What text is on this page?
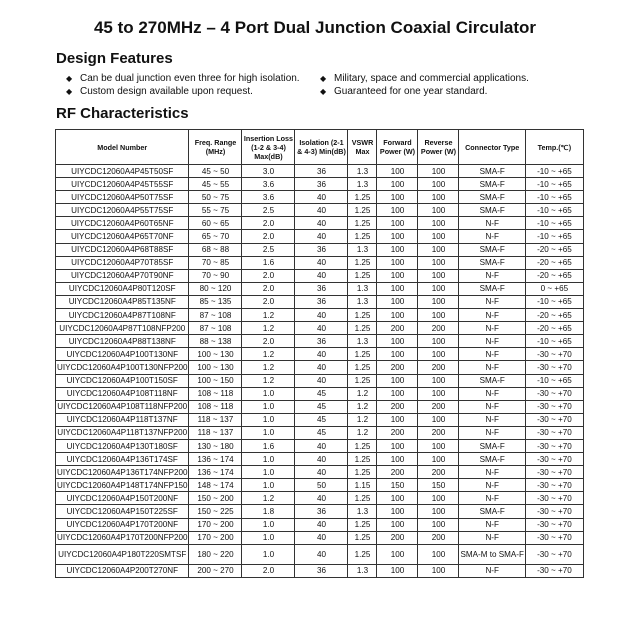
45 to 270MHz – 4 Port Dual Junction Coaxial Circulator
Design Features
◆ Can be dual junction even three for high isolation.	◆ Military, space and commercial applications.
◆ Custom design available upon request.	◆ Guaranteed for one year standard.
RF Characteristics
Model Number	Freq. Range (MHz)	Insertion Loss (1-2 & 3-4) Max(dB)	Isolation (2-1 & 4-3) Min(dB)	VSWR Max	Forward Power (W)	Reverse Power (W)	Connector Type	Temp.(℃)
UIYCDC12060A4P45T50SF	45 ~ 50	3.0	36	1.3	100	100	SMA-F	-10 ~ +65
UIYCDC12060A4P45T55SF	45 ~ 55	3.6	36	1.3	100	100	SMA-F	-10 ~ +65
UIYCDC12060A4P50T75SF	50 ~ 75	3.6	40	1.25	100	100	SMA-F	-10 ~ +65
UIYCDC12060A4P55T75SF	55 ~ 75	2.5	40	1.25	100	100	SMA-F	-10 ~ +65
UIYCDC12060A4P60T65NF	60 ~ 65	2.0	40	1.25	100	100	N-F	-10 ~ +65
UIYCDC12060A4P65T70NF	65 ~ 70	2.0	40	1.25	100	100	N-F	-10 ~ +65
UIYCDC12060A4P68T88SF	68 ~ 88	2.5	36	1.3	100	100	SMA-F	-20 ~ +65
UIYCDC12060A4P70T85SF	70 ~ 85	1.6	40	1.25	100	100	SMA-F	-20 ~ +65
UIYCDC12060A4P70T90NF	70 ~ 90	2.0	40	1.25	100	100	N-F	-20 ~ +65
UIYCDC12060A4P80T120SF	80 ~ 120	2.0	36	1.3	100	100	SMA-F	0 ~ +65
UIYCDC12060A4P85T135NF	85 ~ 135	2.0	36	1.3	100	100	N-F	-10 ~ +65
UIYCDC12060A4P87T108NF	87 ~ 108	1.2	40	1.25	100	100	N-F	-20 ~ +65
UIYCDC12060A4P87T108NFP200	87 ~ 108	1.2	40	1.25	200	200	N-F	-20 ~ +65
UIYCDC12060A4P88T138NF	88 ~ 138	2.0	36	1.3	100	100	N-F	-10 ~ +65
UIYCDC12060A4P100T130NF	100 ~ 130	1.2	40	1.25	100	100	N-F	-30 ~ +70
UIYCDC12060A4P100T130NFP200	100 ~ 130	1.2	40	1.25	200	200	N-F	-30 ~ +70
UIYCDC12060A4P100T150SF	100 ~ 150	1.2	40	1.25	100	100	SMA-F	-10 ~ +65
UIYCDC12060A4P108T118NF	108 ~ 118	1.0	45	1.2	100	100	N-F	-30 ~ +70
UIYCDC12060A4P108T118NFP200	108 ~ 118	1.0	45	1.2	200	200	N-F	-30 ~ +70
UIYCDC12060A4P118T137NF	118 ~ 137	1.0	45	1.2	100	100	N-F	-30 ~ +70
UIYCDC12060A4P118T137NFP200	118 ~ 137	1.0	45	1.2	200	200	N-F	-30 ~ +70
UIYCDC12060A4P130T180SF	130 ~ 180	1.6	40	1.25	100	100	SMA-F	-30 ~ +70
UIYCDC12060A4P136T174SF	136 ~ 174	1.0	40	1.25	100	100	SMA-F	-30 ~ +70
UIYCDC12060A4P136T174NFP200	136 ~ 174	1.0	40	1.25	200	200	N-F	-30 ~ +70
UIYCDC12060A4P148T174NFP150	148 ~ 174	1.0	50	1.15	150	150	N-F	-30 ~ +70
UIYCDC12060A4P150T200NF	150 ~ 200	1.2	40	1.25	100	100	N-F	-30 ~ +70
UIYCDC12060A4P150T225SF	150 ~ 225	1.8	36	1.3	100	100	SMA-F	-30 ~ +70
UIYCDC12060A4P170T200NF	170 ~ 200	1.0	40	1.25	100	100	N-F	-30 ~ +70
UIYCDC12060A4P170T200NFP200	170 ~ 200	1.0	40	1.25	200	200	N-F	-30 ~ +70
UIYCDC12060A4P180T220SMTSF	180 ~ 220	1.0	40	1.25	100	100	SMA-M to SMA-F	-30 ~ +70
UIYCDC12060A4P200T270NF	200 ~ 270	2.0	36	1.3	100	100	N-F	-30 ~ +70
